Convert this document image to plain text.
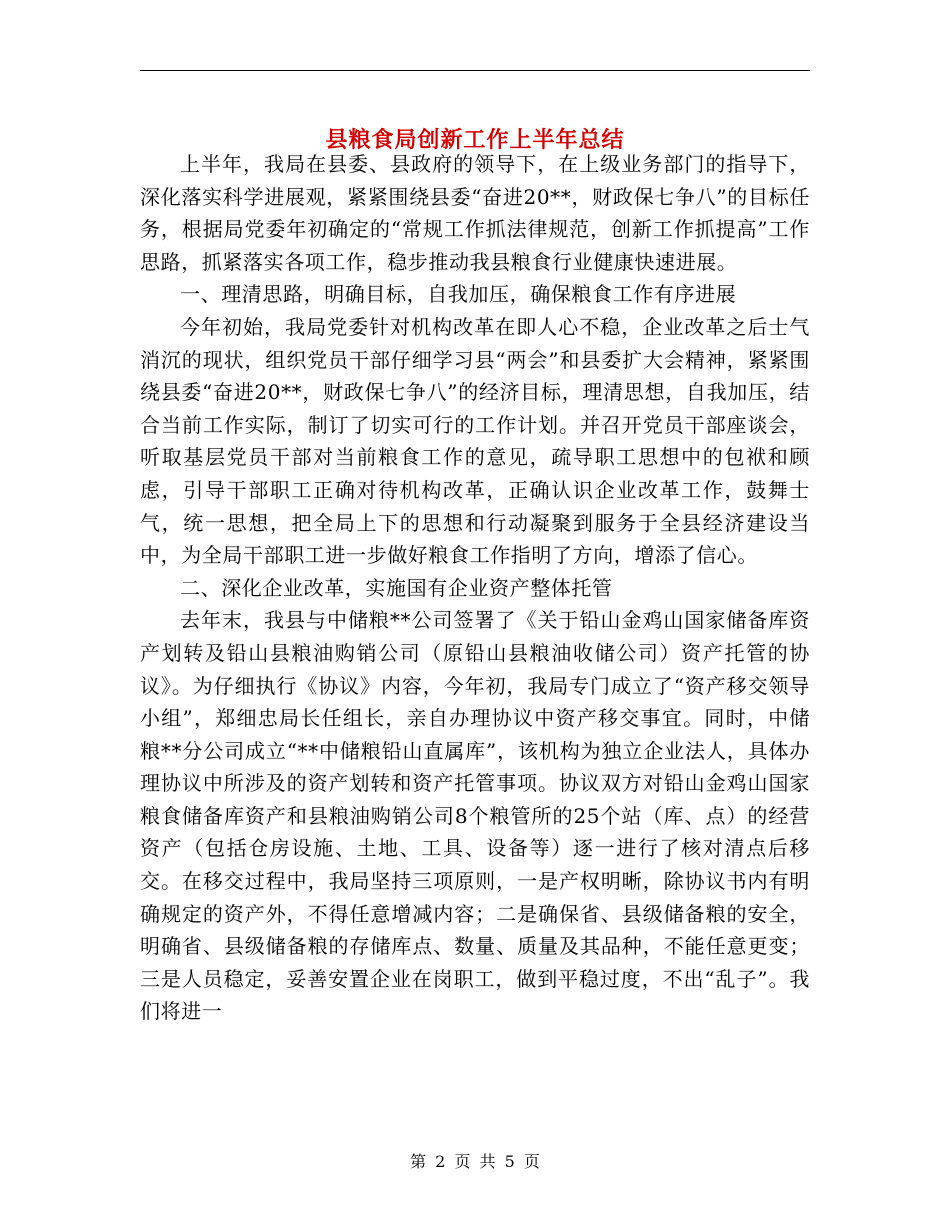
县粮食局创新工作上半年总结

上半年，我局在县委、县政府的领导下，在上级业务部门的指导下，深化落实科学进展观，紧紧围绕县委“奋进20**，财政保七争八”的目标任务，根据局党委年初确定的“常规工作抓法律规范，创新工作抓提高”工作思路，抓紧落实各项工作，稳步推动我县粮食行业健康快速进展。

一、理清思路，明确目标，自我加压，确保粮食工作有序进展

今年初始，我局党委针对机构改革在即人心不稳，企业改革之后士气消沉的现状，组织党员干部仔细学习县“两会”和县委扩大会精神，紧紧围绕县委“奋进20**，财政保七争八”的经济目标，理清思想，自我加压，结合当前工作实际，制订了切实可行的工作计划。并召开党员干部座谈会，听取基层党员干部对当前粮食工作的意见，疏导职工思想中的包袱和顾虑，引导干部职工正确对待机构改革，正确认识企业改革工作，鼓舞士气，统一思想，把全局上下的思想和行动凝聚到服务于全县经济建设当中，为全局干部职工进一步做好粮食工作指明了方向，增添了信心。

二、深化企业改革，实施国有企业资产整体托管

去年末，我县与中储粮**公司签署了《关于铅山金鸡山国家储备库资产划转及铅山县粮油购销公司（原铅山县粮油收储公司）资产托管的协议》。为仔细执行《协议》内容，今年初，我局专门成立了“资产移交领导小组”，郑细忠局长任组长，亲自办理协议中资产移交事宜。同时，中储粮**分公司成立“**中储粮铅山直属库”，该机构为独立企业法人，具体办理协议中所涉及的资产划转和资产托管事项。协议双方对铅山金鸡山国家粮食储备库资产和县粮油购销公司8个粮管所的25个站（库、点）的经营资产（包括仓房设施、土地、工具、设备等）逐一进行了核对清点后移交。在移交过程中，我局坚持三项原则，一是产权明晰，除协议书内有明确规定的资产外，不得任意增减内容；二是确保省、县级储备粮的安全，明确省、县级储备粮的存储库点、数量、质量及其品种，不能任意更变；三是人员稳定，妥善安置企业在岗职工，做到平稳过度，不出“乱子”。我们将进一

第 2 页 共 5 页
